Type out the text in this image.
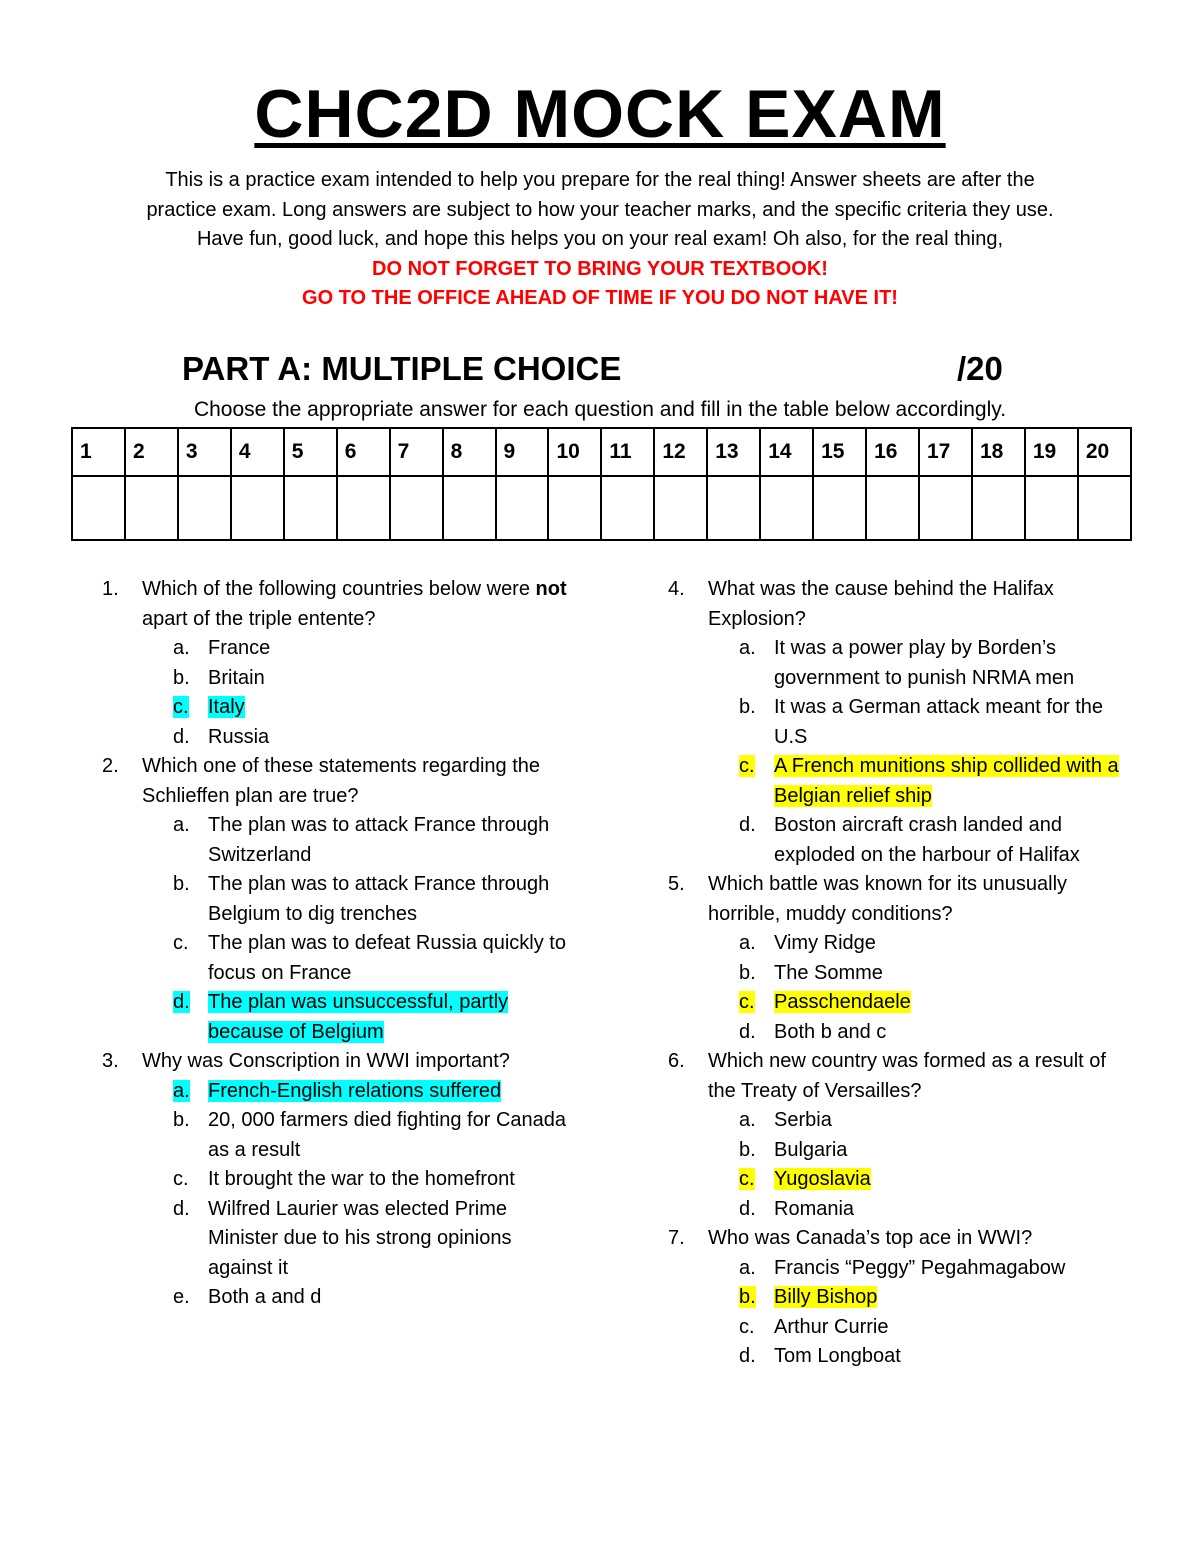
CHC2D MOCK EXAM
This is a practice exam intended to help you prepare for the real thing! Answer sheets are after the
practice exam. Long answers are subject to how your teacher marks, and the specific criteria they use.
Have fun, good luck, and hope this helps you on your real exam! Oh also, for the real thing,
DO NOT FORGET TO BRING YOUR TEXTBOOK!
GO TO THE OFFICE AHEAD OF TIME IF YOU DO NOT HAVE IT!
PART A: MULTIPLE CHOICE	/20
Choose the appropriate answer for each question and fill in the table below accordingly.
1	2	3	4	5	6	7	8	9	10	11	12	13	14	15	16	17	18	19	20

1.	Which of the following countries below were not apart of the triple entente?
a. France
b. Britain
c. Italy
d. Russia
2.	Which one of these statements regarding the Schlieffen plan are true?
a. The plan was to attack France through Switzerland
b. The plan was to attack France through Belgium to dig trenches
c. The plan was to defeat Russia quickly to focus on France
d. The plan was unsuccessful, partly because of Belgium
3.	Why was Conscription in WWI important?
a. French-English relations suffered
b. 20, 000 farmers died fighting for Canada as a result
c. It brought the war to the homefront
d. Wilfred Laurier was elected Prime Minister due to his strong opinions against it
e. Both a and d
4.	What was the cause behind the Halifax Explosion?
a. It was a power play by Borden’s government to punish NRMA men
b. It was a German attack meant for the U.S
c. A French munitions ship collided with a Belgian relief ship
d. Boston aircraft crash landed and exploded on the harbour of Halifax
5.	Which battle was known for its unusually horrible, muddy conditions?
a. Vimy Ridge
b. The Somme
c. Passchendaele
d. Both b and c
6.	Which new country was formed as a result of the Treaty of Versailles?
a. Serbia
b. Bulgaria
c. Yugoslavia
d. Romania
7.	Who was Canada’s top ace in WWI?
a. Francis “Peggy” Pegahmagabow
b. Billy Bishop
c. Arthur Currie
d. Tom Longboat
